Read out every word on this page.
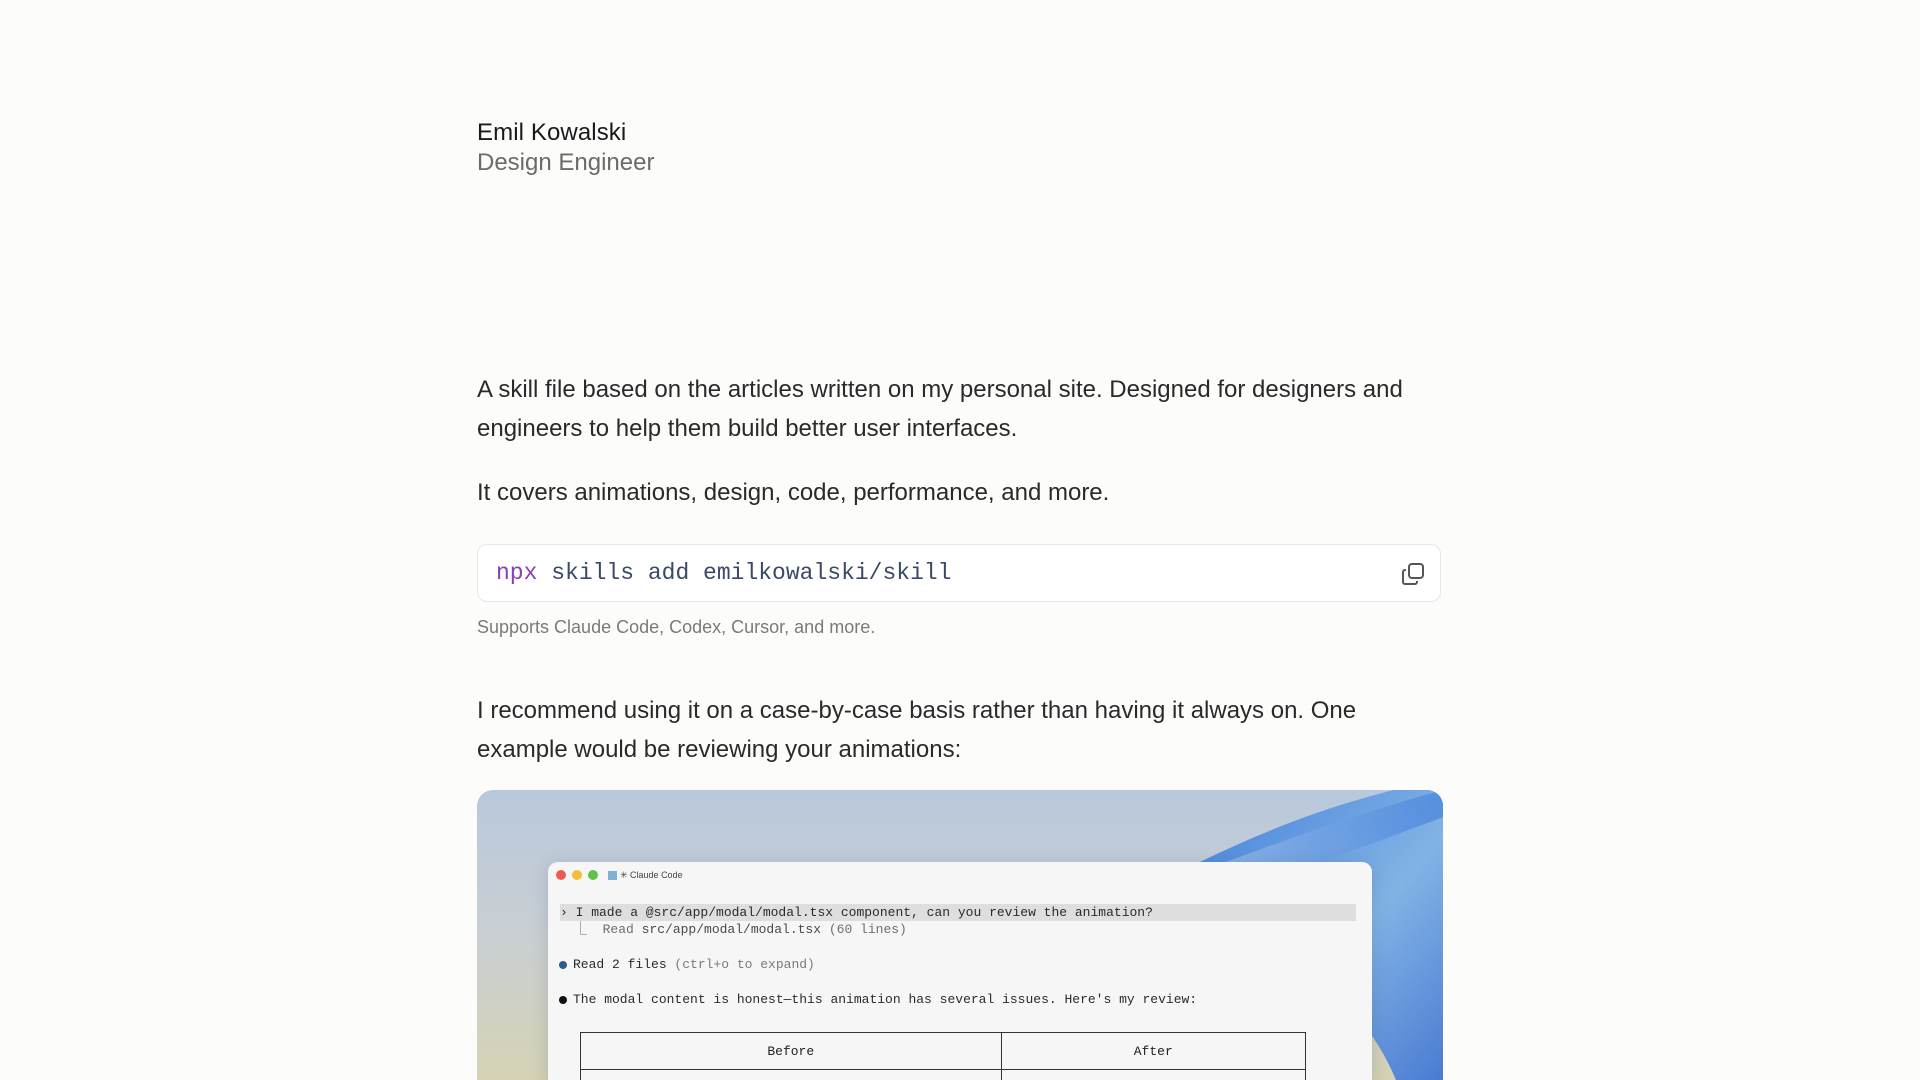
Emil Kowalski
Design Engineer

A skill file based on the articles written on my personal site. Designed for designers and engineers to help them build better user interfaces.

It covers animations, design, code, performance, and more.

npx skills add emilkowalski/skill
Supports Claude Code, Codex, Cursor, and more.

I recommend using it on a case-by-case basis rather than having it always on. One example would be reviewing your animations:

✳ Claude Code
› I made a @src/app/modal/modal.tsx component, can you review the animation?
⎿  Read src/app/modal/modal.tsx (60 lines)
Read 2 files (ctrl+o to expand)
The modal content is honest—this animation has several issues. Here's my review:
Before	After
